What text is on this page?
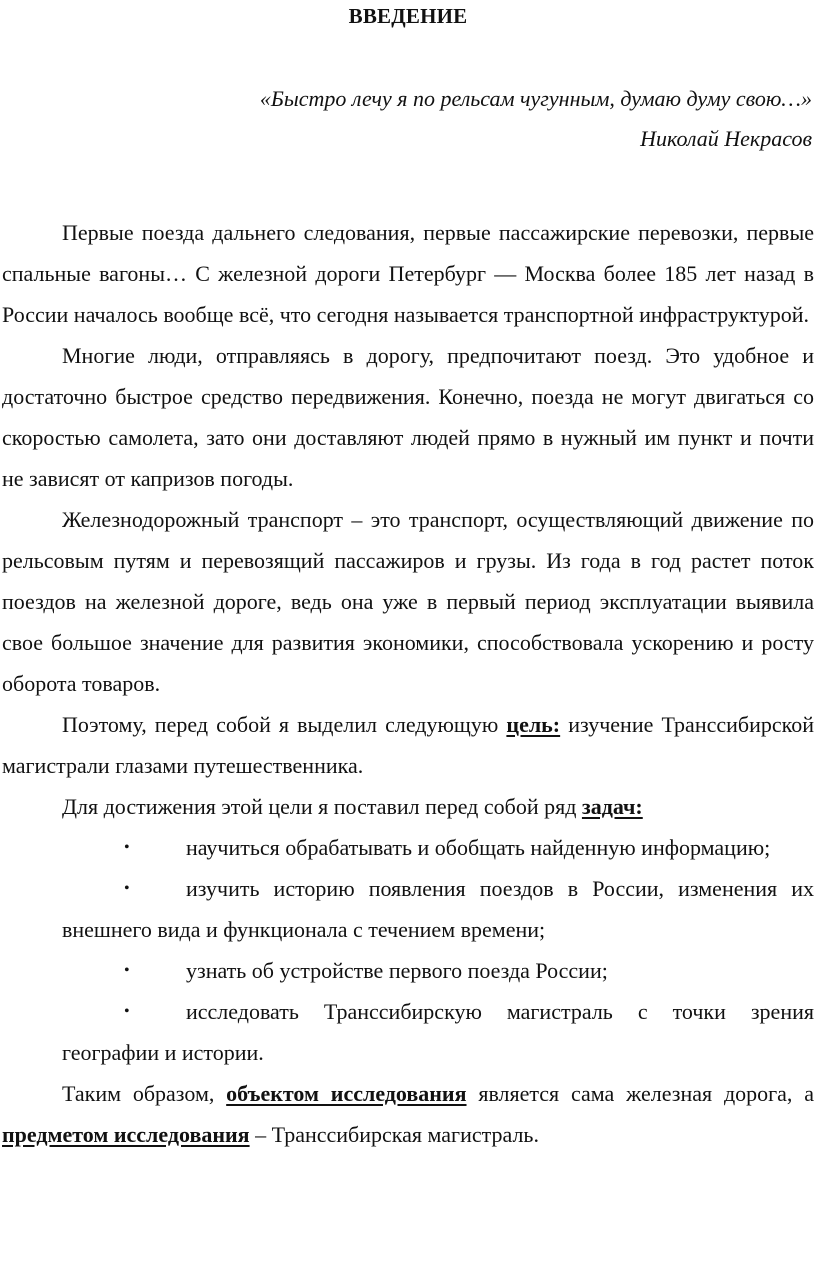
ВВЕДЕНИЕ
«Быстро лечу я по рельсам чугунным, думаю думу свою…»
Николай Некрасов

Первые поезда дальнего следования, первые пассажирские перевозки, первые спальные вагоны… С железной дороги Петербург — Москва более 185 лет назад в России началось вообще всё, что сегодня называется транспортной инфраструктурой.

Многие люди, отправляясь в дорогу, предпочитают поезд. Это удобное и достаточно быстрое средство передвижения. Конечно, поезда не могут двигаться со скоростью самолета, зато они доставляют людей прямо в нужный им пункт и почти не зависят от капризов погоды.

Железнодорожный транспорт – это транспорт, осуществляющий движение по рельсовым путям и перевозящий пассажиров и грузы. Из года в год растет поток поездов на железной дороге, ведь она уже в первый период эксплуатации выявила свое большое значение для развития экономики, способствовала ускорению и росту оборота товаров.

Поэтому, перед собой я выделил следующую цель: изучение Транссибирской магистрали глазами путешественника.

Для достижения этой цели я поставил перед собой ряд задач:

•	научиться обрабатывать и обобщать найденную информацию;
•	изучить историю появления поездов в России, изменения их внешнего вида и функционала с течением времени;
•	узнать об устройстве первого поезда России;
•	исследовать Транссибирскую магистраль с точки зрения географии и истории.

Таким образом, объектом исследования является сама железная дорога, а предметом исследования – Транссибирская магистраль.
